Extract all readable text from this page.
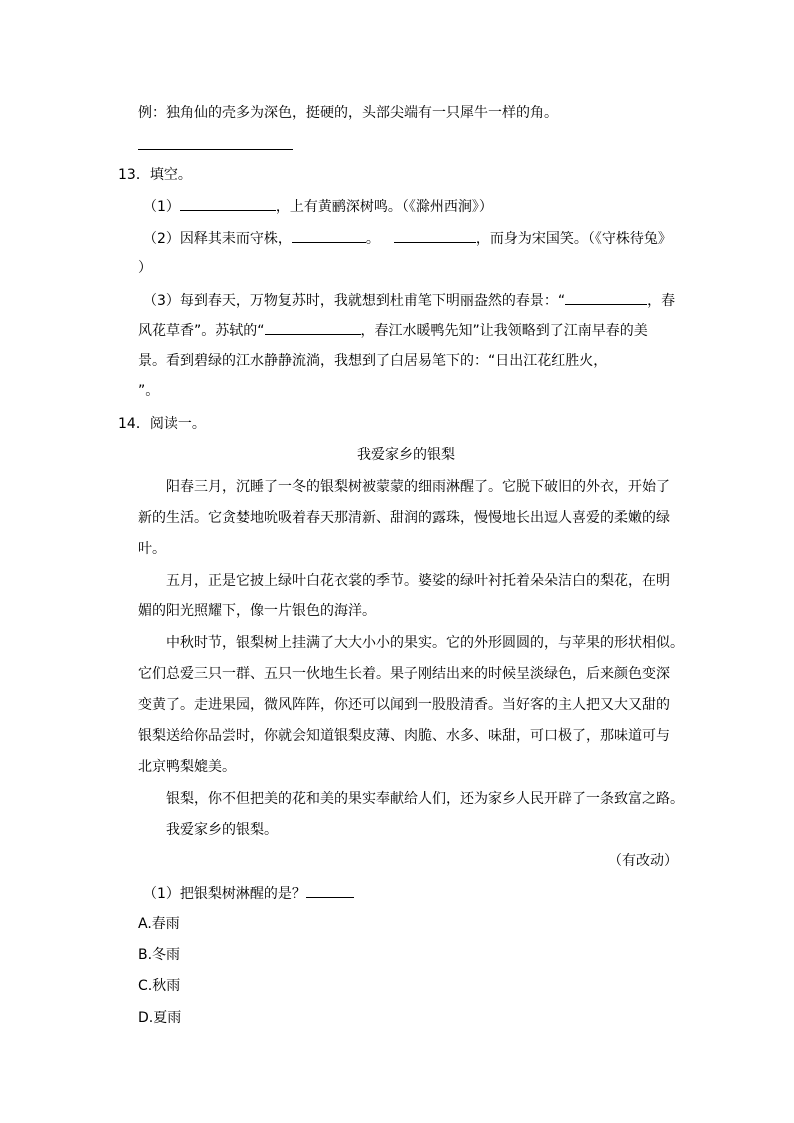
例：独角仙的壳多为深色，挺硬的，头部尖端有一只犀牛一样的角。
13．填空。
（1）	，上有黄鹂深树鸣。（《滁州西涧》）
（2）因释其耒而守株，	。	，而身为宋国笑。（《守株待兔》
）
（3）每到春天，万物复苏时，我就想到杜甫笔下明丽盎然的春景：“	，春
风花草香”。苏轼的“	，春江水暖鸭先知”让我领略到了江南早春的美
景。看到碧绿的江水静静流淌，我想到了白居易笔下的：“日出江花红胜火，
”。
14．阅读一。
我爱家乡的银梨
阳春三月，沉睡了一冬的银梨树被蒙蒙的细雨淋醒了。它脱下破旧的外衣，开始了
新的生活。它贪婪地吮吸着春天那清新、甜润的露珠，慢慢地长出逗人喜爱的柔嫩的绿
叶。
五月，正是它披上绿叶白花衣裳的季节。婆娑的绿叶衬托着朵朵洁白的梨花，在明
媚的阳光照耀下，像一片银色的海洋。
中秋时节，银梨树上挂满了大大小小的果实。它的外形圆圆的，与苹果的形状相似。
它们总爱三只一群、五只一伙地生长着。果子刚结出来的时候呈淡绿色，后来颜色变深
变黄了。走进果园，微风阵阵，你还可以闻到一股股清香。当好客的主人把又大又甜的
银梨送给你品尝时，你就会知道银梨皮薄、肉脆、水多、味甜，可口极了，那味道可与
北京鸭梨媲美。
银梨，你不但把美的花和美的果实奉献给人们，还为家乡人民开辟了一条致富之路。
我爱家乡的银梨。
（有改动）
（1）把银梨树淋醒的是？
A.春雨
B.冬雨
C.秋雨
D.夏雨
